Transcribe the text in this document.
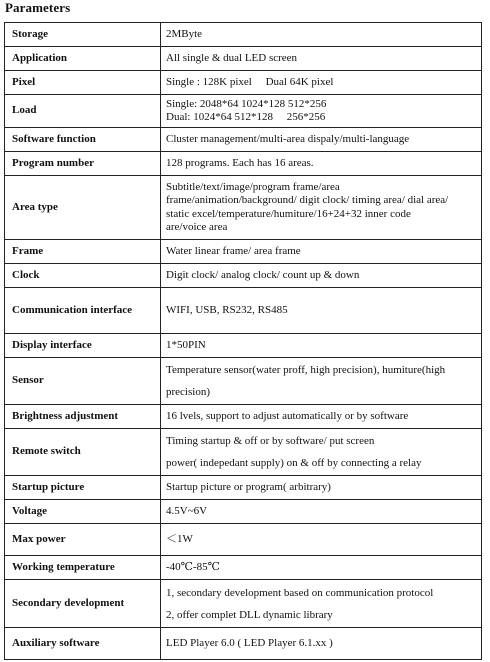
Parameters
Storage	2MByte

Application	All single & dual LED screen

Pixel	Single : 128K pixel     Dual 64K pixel

Load	Single: 2048*64 1024*128 512*256
Dual: 1024*64 512*128     256*256

Software function	Cluster management/multi-area dispaly/multi-language

Program number	128 programs. Each has 16 areas.

Area type	Subtitle/text/image/program frame/area
frame/animation/background/ digit clock/ timing area/ dial area/
static excel/temperature/humiture/16+24+32 inner code
are/voice area

Frame	Water linear frame/ area frame

Clock	Digit clock/ analog clock/ count up & down

Communication interface	WIFI, USB, RS232, RS485

Display interface	1*50PIN

Sensor	Temperature sensor(water proff, high precision), humiture(high
precision)

Brightness adjustment	16 lvels, support to adjust automatically or by software

Remote switch	Timing startup & off or by software/ put screen
power( indepedant supply) on & off by connecting a relay

Startup picture	Startup picture or program( arbitrary)

Voltage	4.5V~6V

Max power	＜1W

Working temperature	-40℃-85℃

Secondary development	1, secondary development based on communication protocol
2, offer complet DLL dynamic library

Auxiliary software	LED Player 6.0 ( LED Player 6.1.xx )
